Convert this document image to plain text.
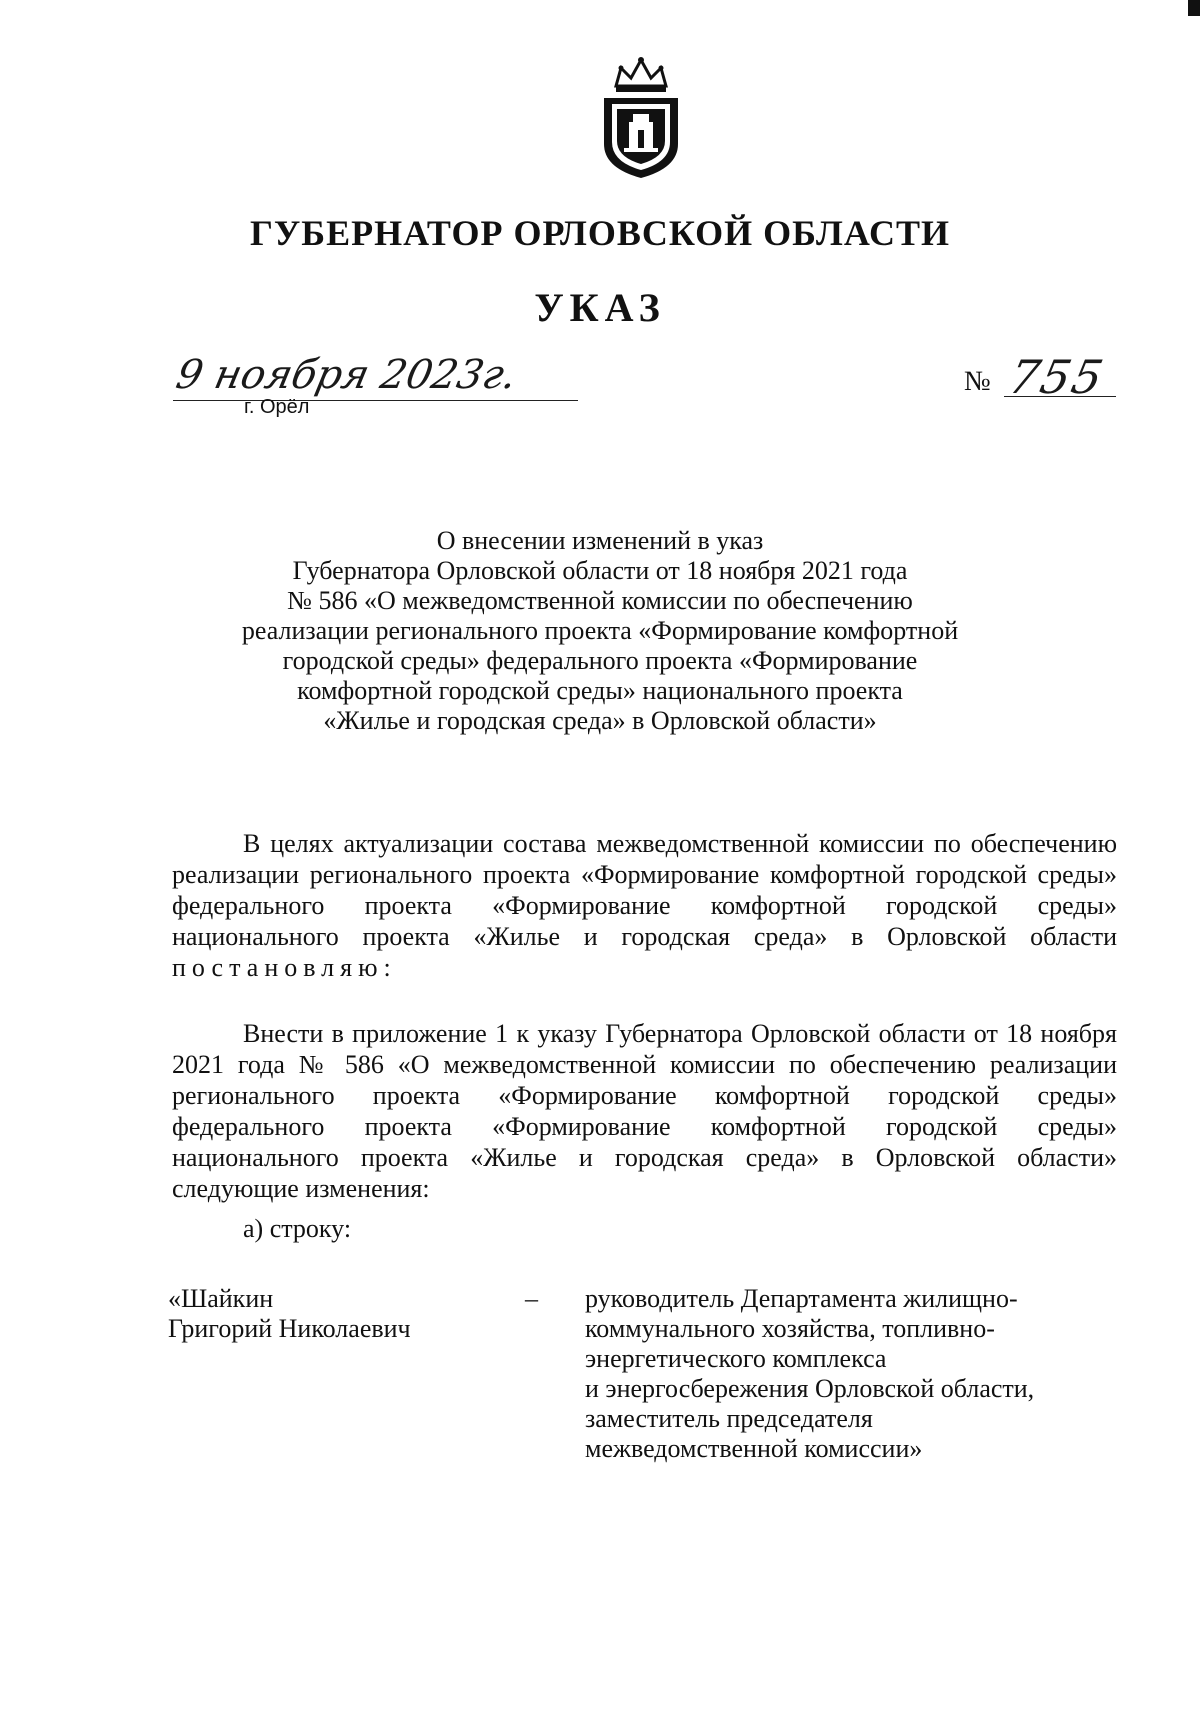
ГУБЕРНАТОР ОРЛОВСКОЙ ОБЛАСТИ
УКАЗ
9 ноября 2023г.
г. Орёл
№ 755
О внесении изменений в указ
Губернатора Орловской области от 18 ноября 2021 года
№ 586 «О межведомственной комиссии по обеспечению
реализации регионального проекта «Формирование комфортной
городской среды» федерального проекта «Формирование
комфортной городской среды» национального проекта
«Жилье и городская среда» в Орловской области»
В целях актуализации состава межведомственной комиссии по обеспечению реализации регионального проекта «Формирование комфортной городской среды» федерального проекта «Формирование комфортной городской среды» национального проекта «Жилье и городская среда» в Орловской области постановляю:
Внести в приложение 1 к указу Губернатора Орловской области от 18 ноября 2021 года № 586 «О межведомственной комиссии по обеспечению реализации регионального проекта «Формирование комфортной городской среды» федерального проекта «Формирование комфортной городской среды» национального проекта «Жилье и городская среда» в Орловской области» следующие изменения:
а) строку:
«Шайкин
Григорий Николаевич
– руководитель Департамента жилищно-
коммунального хозяйства, топливно-
энергетического комплекса
и энергосбережения Орловской области,
заместитель председателя
межведомственной комиссии»
